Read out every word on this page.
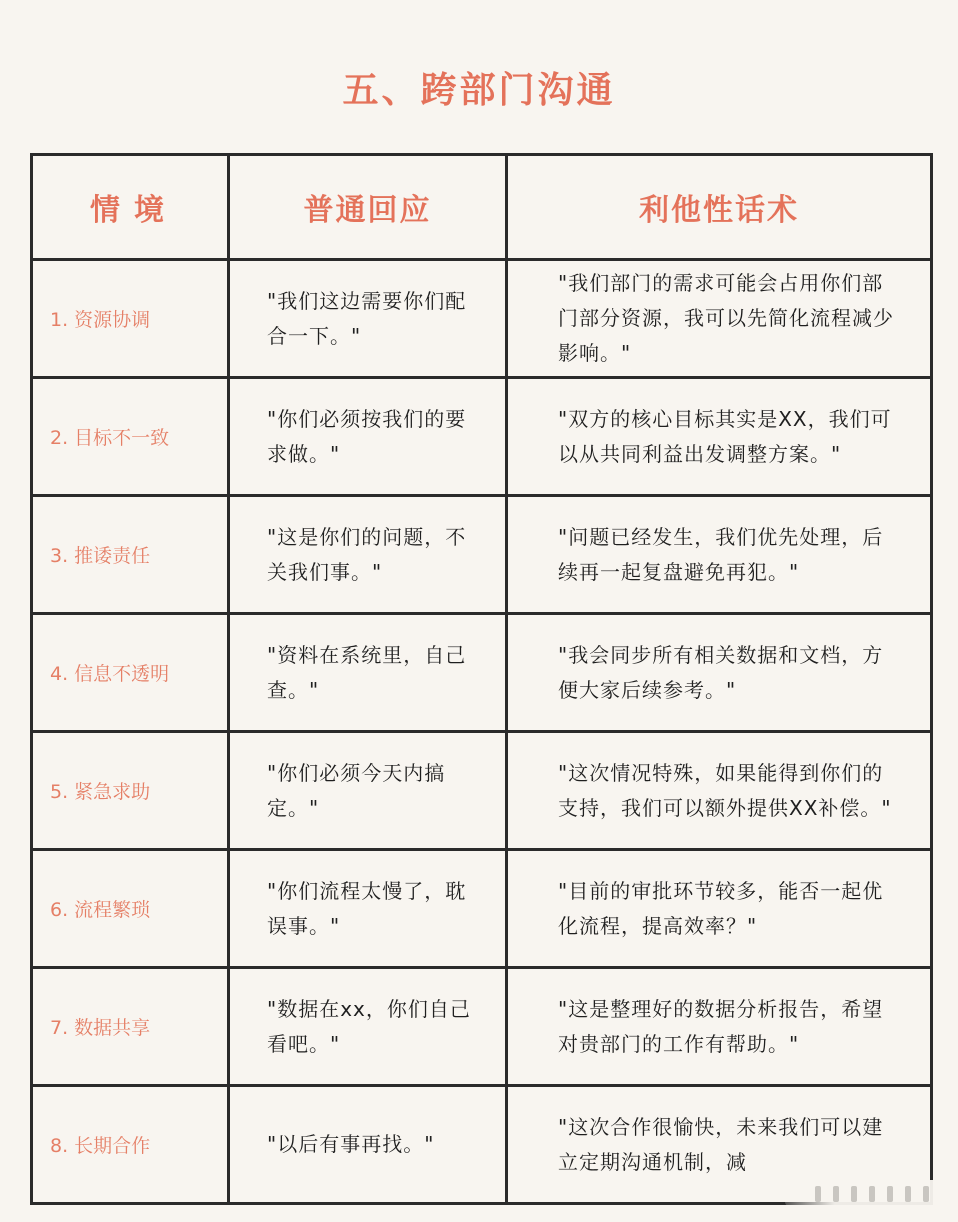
五、跨部门沟通
情境	普通回应	利他性话术
1. 资源协调	"我们这边需要你们配合一下。"	"我们部门的需求可能会占用你们部门部分资源，我可以先简化流程减少影响。"
2. 目标不一致	"你们必须按我们的要求做。"	"双方的核心目标其实是XX，我们可以从共同利益出发调整方案。"
3. 推诿责任	"这是你们的问题，不关我们事。"	"问题已经发生，我们优先处理，后续再一起复盘避免再犯。"
4. 信息不透明	"资料在系统里，自己查。"	"我会同步所有相关数据和文档，方便大家后续参考。"
5. 紧急求助	"你们必须今天内搞定。"	"这次情况特殊，如果能得到你们的支持，我们可以额外提供XX补偿。"
6. 流程繁琐	"你们流程太慢了，耽误事。"	"目前的审批环节较多，能否一起优化流程，提高效率？"
7. 数据共享	"数据在xx，你们自己看吧。"	"这是整理好的数据分析报告，希望对贵部门的工作有帮助。"
8. 长期合作	"以后有事再找。"	"这次合作很愉快，未来我们可以建立定期沟通机制，减
